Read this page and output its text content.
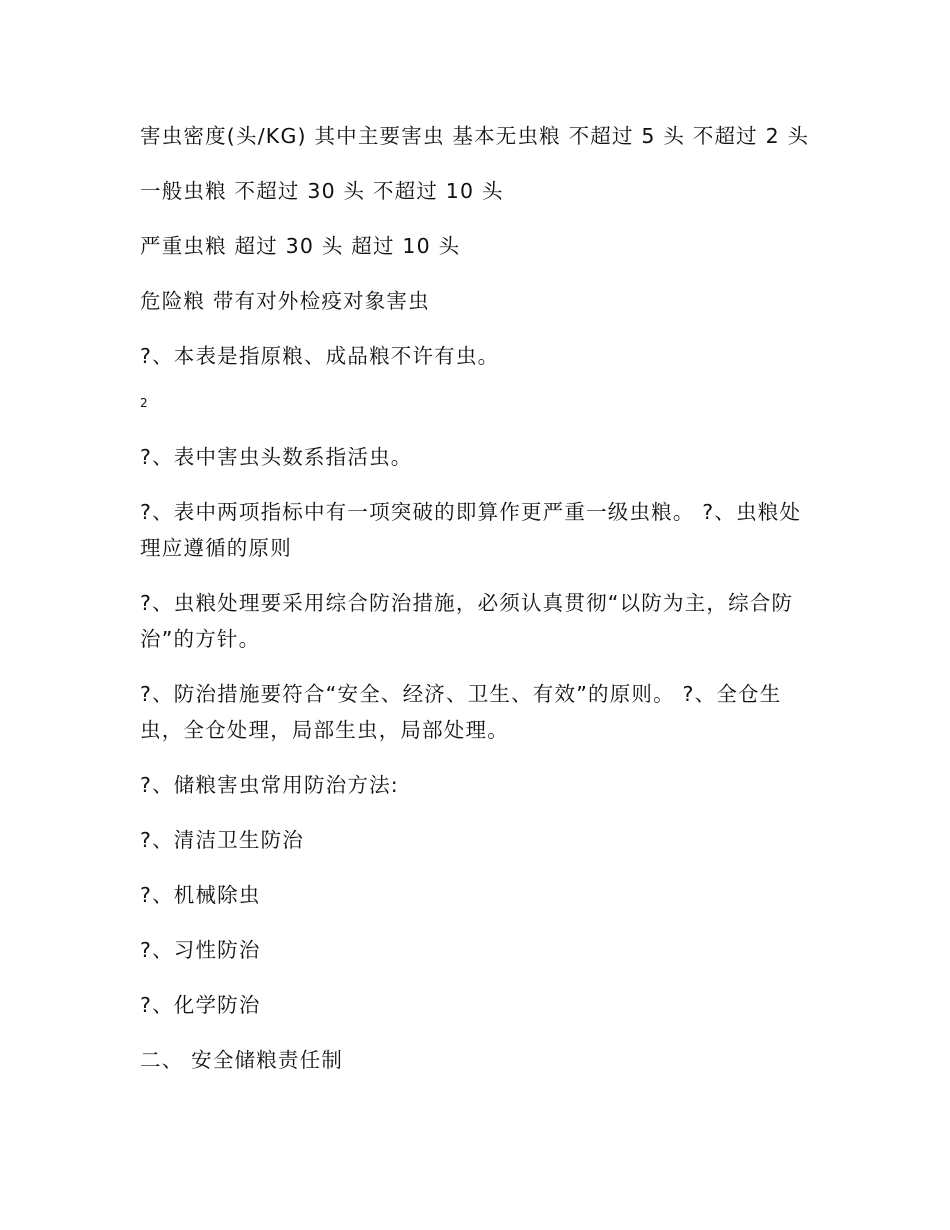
害虫密度(头/KG) 其中主要害虫 基本无虫粮 不超过 5 头 不超过 2 头

一般虫粮 不超过 30 头 不超过 10 头

严重虫粮 超过 30 头 超过 10 头

危险粮 带有对外检疫对象害虫

?、本表是指原粮、成品粮不许有虫。

2

?、表中害虫头数系指活虫。

?、表中两项指标中有一项突破的即算作更严重一级虫粮。 ?、虫粮处理应遵循的原则

?、虫粮处理要采用综合防治措施，必须认真贯彻“以防为主，综合防治”的方针。

?、防治措施要符合“安全、经济、卫生、有效”的原则。 ?、全仓生虫，全仓处理，局部生虫，局部处理。

?、储粮害虫常用防治方法:

?、清洁卫生防治

?、机械除虫

?、习性防治

?、化学防治

二、 安全储粮责任制
